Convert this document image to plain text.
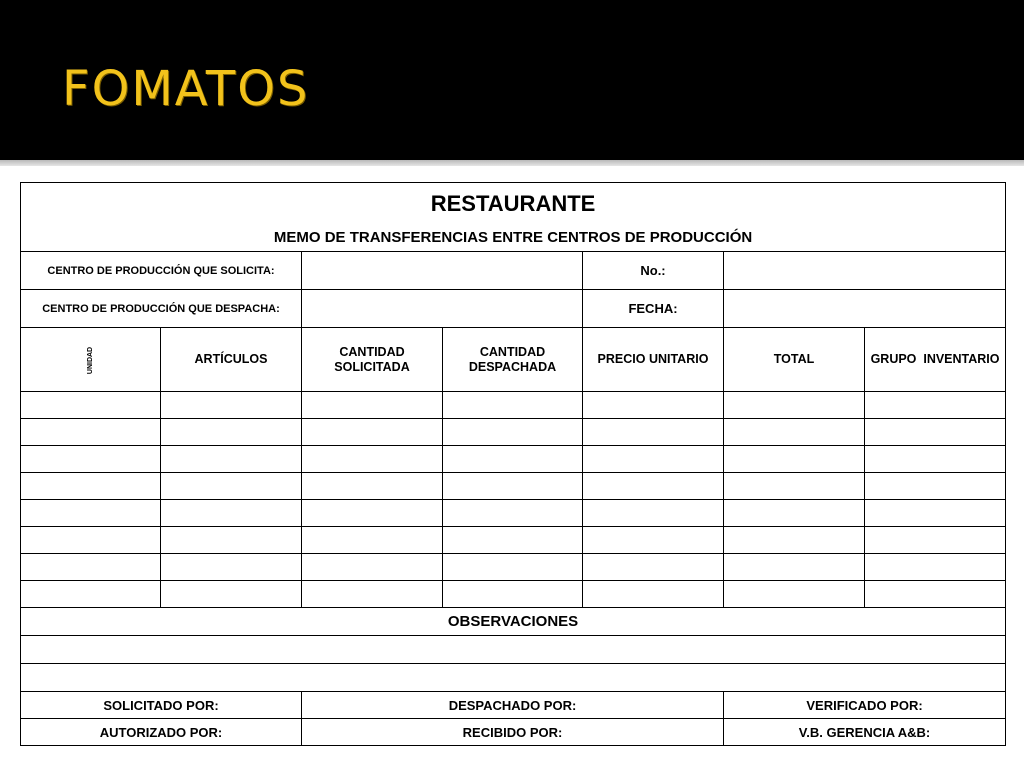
FOMATOS
RESTAURANTE
MEMO DE TRANSFERENCIAS ENTRE CENTROS DE PRODUCCIÓN						

CENTRO DE PRODUCCIÓN QUE SOLICITA:				No.:		
CENTRO DE PRODUCCIÓN QUE DESPACHA:				FECHA:		
UNIDAD	ARTÍCULOS	CANTIDAD SOLICITADA	CANTIDAD DESPACHADA	PRECIO UNITARIO	TOTAL	GRUPO  INVENTARIO

OBSERVACIONES						

SOLICITADO POR:		DESPACHADO POR:			VERIFICADO POR:	
AUTORIZADO POR:		RECIBIDO POR:			V.B. GERENCIA A&B:	
